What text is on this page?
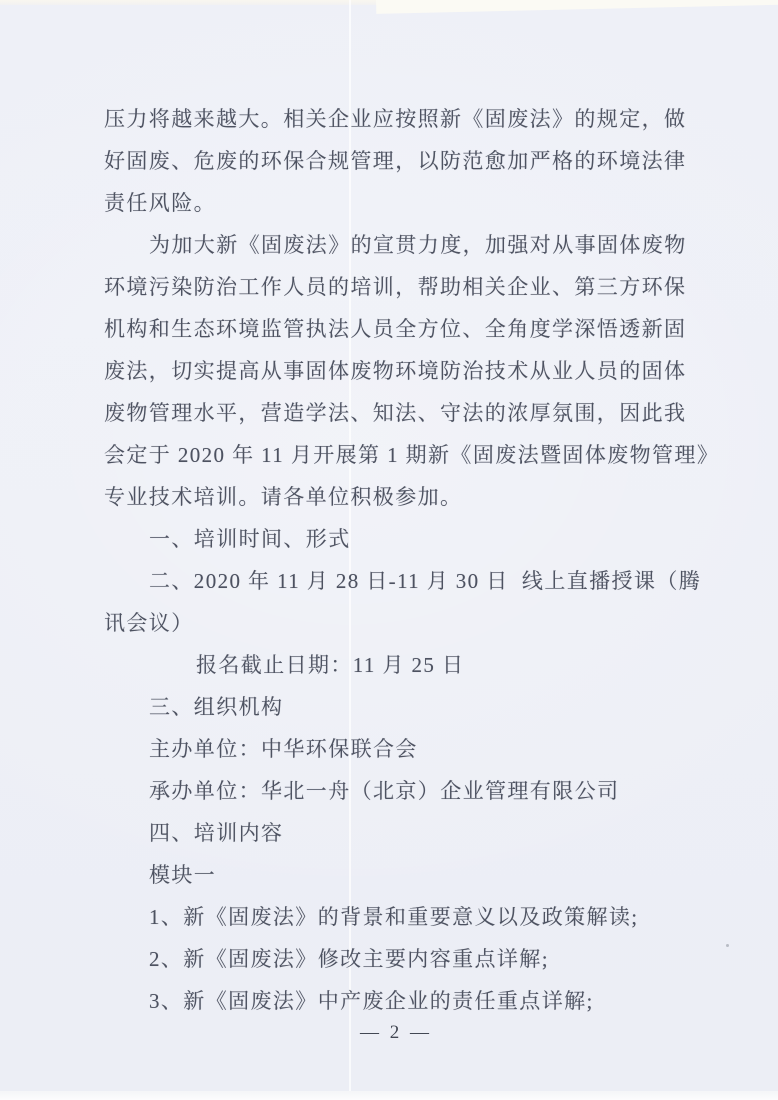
压力将越来越大。相关企业应按照新《固废法》的规定，做
好固废、危废的环保合规管理，以防范愈加严格的环境法律
责任风险。
为加大新《固废法》的宣贯力度，加强对从事固体废物
环境污染防治工作人员的培训，帮助相关企业、第三方环保
机构和生态环境监管执法人员全方位、全角度学深悟透新固
废法，切实提高从事固体废物环境防治技术从业人员的固体
废物管理水平，营造学法、知法、守法的浓厚氛围，因此我
会定于 2020 年 11 月开展第 1 期新《固废法暨固体废物管理》
专业技术培训。请各单位积极参加。
一、培训时间、形式
二、2020 年 11 月 28 日-11 月 30 日  线上直播授课（腾
讯会议）
报名截止日期：11 月 25 日
三、组织机构
主办单位：中华环保联合会
承办单位：华北一舟（北京）企业管理有限公司
四、培训内容
模块一
1、新《固废法》的背景和重要意义以及政策解读;
2、新《固废法》修改主要内容重点详解;
3、新《固废法》中产废企业的责任重点详解;
— 2 —
